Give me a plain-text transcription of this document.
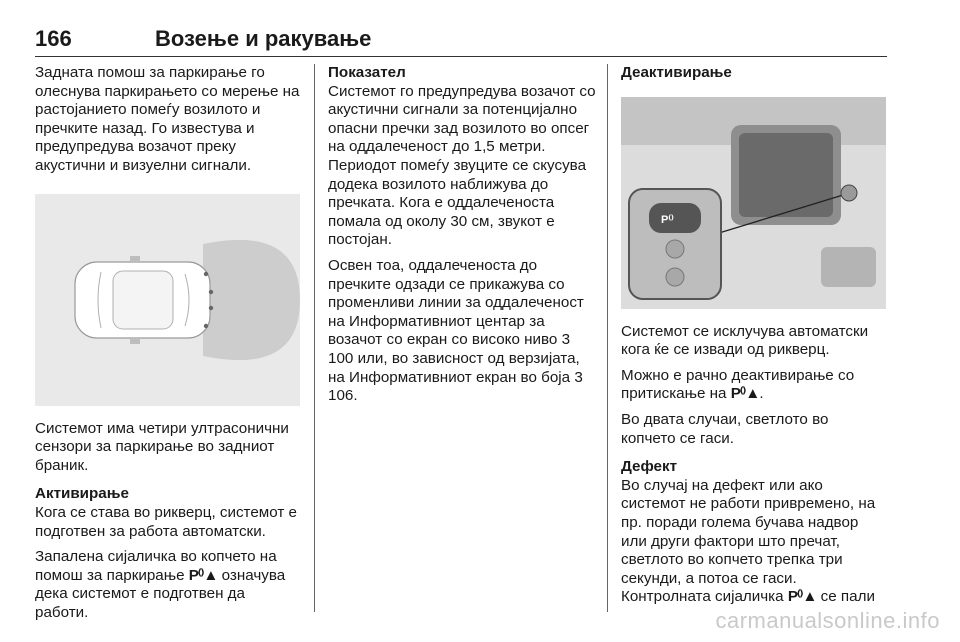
166	Возење и ракување

Задната помош за паркирање го олеснува паркирањето со мерење на растојанието помеѓу возилото и пречките назад. Го известува и предупредува возачот преку акустични и визуелни сигнали.

Системот има четири ултрасонични сензори за паркирање во задниот браник.

Активирање

Кога се става во рикверц, системот е подготвен за работа автоматски.

Запалена сијаличка во копчето на помош за паркирање P⁽⁾▲ означува дека системот е подготвен да работи.

Показател

Системот го предупредува возачот со акустични сигнали за потенцијално опасни пречки зад возилото во опсег на оддалеченост до 1,5 метри. Периодот помеѓу звуците се скусува додека возилото наближува до пречката. Кога е оддалеченоста помала од околу 30 см, звукот е постојан.

Освен тоа, оддалеченоста до пречките одзади се прикажува со променливи линии за оддалеченост на Информативниот центар за возачот со екран со високо ниво 3 100 или, во зависност од верзијата, на Информативниот екран во боја 3 106.

Деактивирање
P⁽⁾

Системот се исклучува автоматски кога ќе се извади од рикверц.

Можно е рачно деактивирање со притискање на P⁽⁾▲.

Во двата случаи, светлото во копчето се гаси.

Дефект

Во случај на дефект или ако системот не работи привремено, на пр. поради голема бучава надвор или други фактори што пречат, светлото во копчето трепка три секунди, а потоа се гаси.

Контролната сијаличка P⁽⁾▲ се пали

carmanualsonline.info
